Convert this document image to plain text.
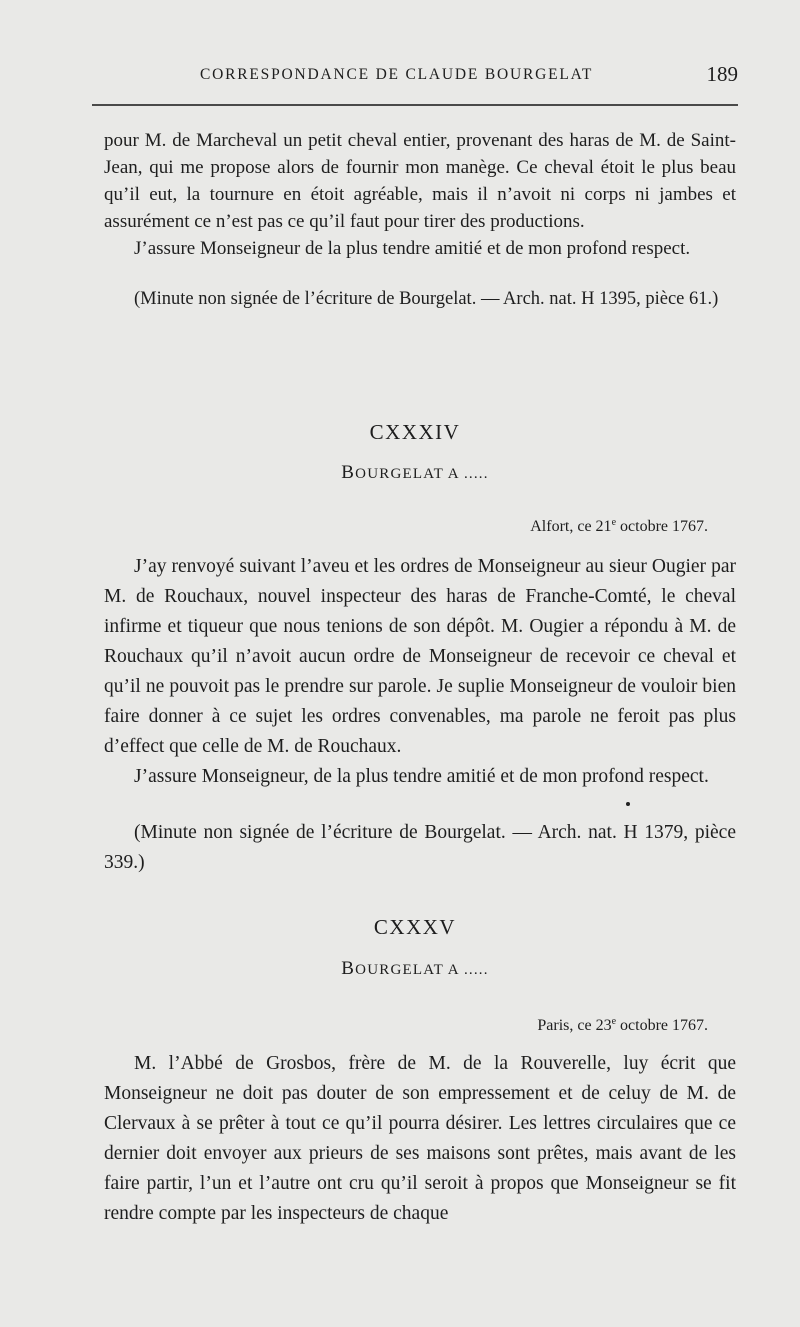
CORRESPONDANCE DE CLAUDE BOURGELAT	189

pour M. de Marcheval un petit cheval entier, provenant des haras de M. de Saint-Jean, qui me propose alors de fournir mon manège. Ce cheval étoit le plus beau qu’il eut, la tournure en étoit agréable, mais il n’avoit ni corps ni jambes et assurément ce n’est pas ce qu’il faut pour tirer des productions.

J’assure Monseigneur de la plus tendre amitié et de mon profond respect.

(Minute non signée de l’écriture de Bourgelat. — Arch. nat. H 1395, pièce 61.)

CXXXIV
BOURGELAT A .....
Alfort, ce 21e octobre 1767.

J’ay renvoyé suivant l’aveu et les ordres de Monseigneur au sieur Ougier par M. de Rouchaux, nouvel inspecteur des haras de Franche-Comté, le cheval infirme et tiqueur que nous tenions de son dépôt. M. Ougier a répondu à M. de Rouchaux qu’il n’avoit aucun ordre de Monseigneur de recevoir ce cheval et qu’il ne pouvoit pas le prendre sur parole. Je suplie Monseigneur de vouloir bien faire donner à ce sujet les ordres convenables, ma parole ne feroit pas plus d’effect que celle de M. de Rouchaux.

J’assure Monseigneur, de la plus tendre amitié et de mon profond respect.

(Minute non signée de l’écriture de Bourgelat. — Arch. nat. H 1379, pièce 339.)

CXXXV
BOURGELAT A .....
Paris, ce 23e octobre 1767.

M. l’Abbé de Grosbos, frère de M. de la Rouverelle, luy écrit que Monseigneur ne doit pas douter de son empressement et de celuy de M. de Clervaux à se prêter à tout ce qu’il pourra désirer. Les lettres circulaires que ce dernier doit envoyer aux prieurs de ses maisons sont prêtes, mais avant de les faire partir, l’un et l’autre ont cru qu’il seroit à propos que Monseigneur se fit rendre compte par les inspecteurs de chaque
